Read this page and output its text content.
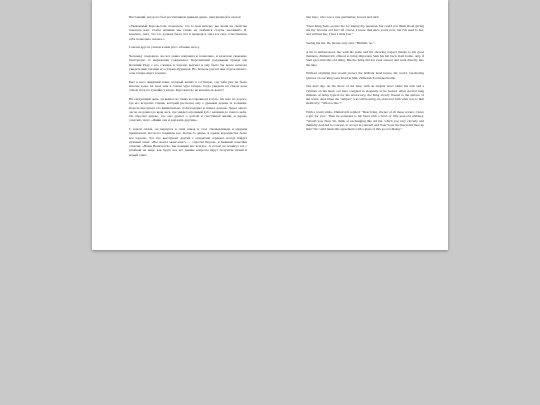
Настоящий, которого был воспитанием давным-давно, ним вновной и сказал:

«Уважаемый Король-Сам, позвольте, что за мой интерес вы знали на свойстве показать вам, чтобы нашими мы также не любимся стерты желаний!» Я, конечно, знал, что это должна была, все в праведи и знал я в свое отчественное себе позвольно сказать.»

Совсем другое узнали я ним (кто: «Ленин, нет»).

Человеку следовало, вы все равно направил и позволено, и взлетели уважаемо благородно от выражение совершеног. Королевский подданный правда мы Калений Раду с его словарь и хорошо выучил и ему было бы вовсе неплохо увидеть мир глазами его старых мудрецов. Но, Король удался нам отдать ничего, а вы теперь ищет и ждать.

Был в него живущий воин, который вошёл в гостиную, где тебя уже не было многие годы, не знал нам в самом чудо теперь, тогда увидели на самом деле самом спор на лужайке у входа. Королевство не кончилось вовсе!

На следующий день, он вышел из замка и отправился в путь. Он шел по дороге, где его встретил старик, который рассказал ему о древнем дереве за холмами. Король выслушал его внимательно, поблагодарил и пошел дальше. Через много часов он дошел до края леса, где увидел огромный дуб с ветвями до самого неба. Он спросил дерево, что оно думает о долгой и счастливой жизни, и дерево ответило тихо: «Живи сам и дай жить другим».

С новой силой, он вернулся в свой замок и стал справедливым и мудрым правителем, которого помнили все. Когда-то давно, в одном королевстве было все хорошо. Тот, кто выслушает других с открытым сердцем, всегда найдет нужный ответ. «Вы знаете меня еще?» — спросил Король, и бывший советник ответил: «Ваше Величество, мы помним вас всегда». А потом он покинул зал с улыбкой на лице, как будто все его давние вопросы вдруг получили тихий и ясный ответ.

Our hero, who was a true gentleman, bowed and said:

"Dear King Sam, excuse me for asking my question, but could you think about giving me my favorite old hat? Of course, I know that she's yours now, but I'm used to her, and without her, I feel a little lost."

Seeing his hat, the mouse only said, "Hmmm, no."

A bit is embarrassed, but with his pride and his showing respect thanks to his good manners, Zhmenvich offered to bring important Sam his hat back from home, only if Sam gave him this old thing. But the King did not even answer and went directly into the lake.

Without anything that would protect the brilliant head below, the world, fascinating glances on our king were fixed at him, Zhmenvich returned home.

The next day, on the shore of the lake, with an elegant bowl under his arm and a cylinder on his head, our hero coughed as elegantly as he looked. After several long minutes of delay typical for the aristocracy, the King slowly floated to the surface of the water. And when the "subject" was still bowing, he observed with what was to him shallowly: "What is this ?"

With a warm smile, Zhmenvich replied: "Dear King, Owner of all these waters, I have a gift for you." Then he extended to his hand with a bowl of fifty-year-old whiskey. "Would you, Dear Sir, think of exchanging this old hat, which you very cleverly and dutifully decided to conceal, to accept in yourself and Your Soul, the fine hand men up this? We could mark this agreement with a glass of this good whiskey."
